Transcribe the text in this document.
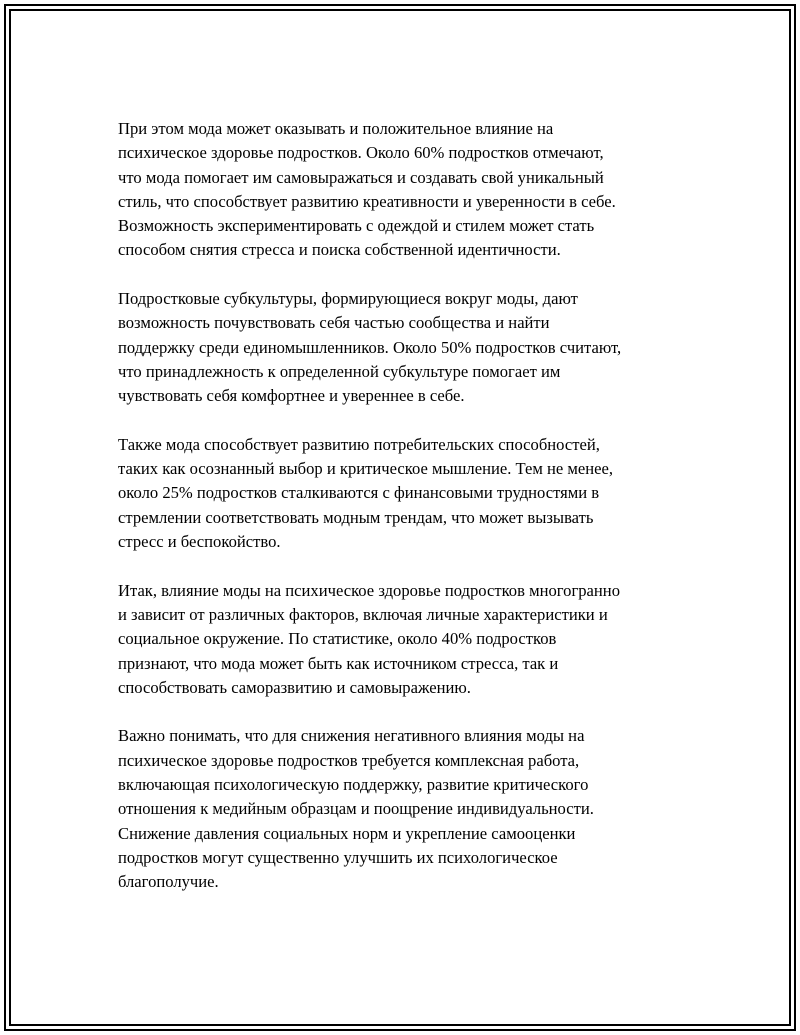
При этом мода может оказывать и положительное влияние на
психическое здоровье подростков. Около 60% подростков отмечают,
что мода помогает им самовыражаться и создавать свой уникальный
стиль, что способствует развитию креативности и уверенности в себе.
Возможность экспериментировать с одеждой и стилем может стать
способом снятия стресса и поиска собственной идентичности.

Подростковые субкультуры, формирующиеся вокруг моды, дают
возможность почувствовать себя частью сообщества и найти
поддержку среди единомышленников. Около 50% подростков считают,
что принадлежность к определенной субкультуре помогает им
чувствовать себя комфортнее и увереннее в себе.

Также мода способствует развитию потребительских способностей,
таких как осознанный выбор и критическое мышление. Тем не менее,
около 25% подростков сталкиваются с финансовыми трудностями в
стремлении соответствовать модным трендам, что может вызывать
стресс и беспокойство.

Итак, влияние моды на психическое здоровье подростков многогранно
и зависит от различных факторов, включая личные характеристики и
социальное окружение. По статистике, около 40% подростков
признают, что мода может быть как источником стресса, так и
способствовать саморазвитию и самовыражению.

Важно понимать, что для снижения негативного влияния моды на
психическое здоровье подростков требуется комплексная работа,
включающая психологическую поддержку, развитие критического
отношения к медийным образцам и поощрение индивидуальности.
Снижение давления социальных норм и укрепление самооценки
подростков могут существенно улучшить их психологическое
благополучие.
